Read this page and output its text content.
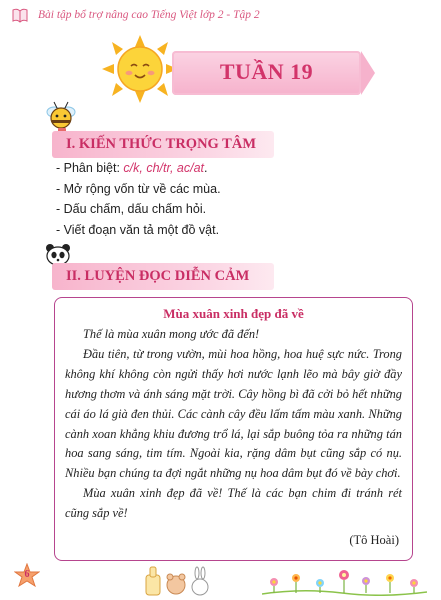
Bài tập bổ trợ nâng cao Tiếng Việt lớp 2 - Tập 2
TUẦN 19
I. KIẾN THỨC TRỌNG TÂM
- Phân biệt: c/k, ch/tr, ac/at.
- Mở rộng vốn từ về các mùa.
- Dấu chấm, dấu chấm hỏi.
- Viết đoạn văn tả một đồ vật.
II. LUYỆN ĐỌC DIỄN CẢM
Mùa xuân xinh đẹp đã về

Thế là mùa xuân mong ước đã đến!

Đầu tiên, từ trong vườn, mùi hoa hồng, hoa huệ sực nức. Trong không khí không còn ngửi thấy hơi nước lạnh lẽo mà bây giờ đầy hương thơm và ánh sáng mặt trời. Cây hồng bì đã cởi bỏ hết những cái áo lá già đen thủi. Các cành cây đều lấm tấm màu xanh. Những cành xoan khẳng khiu đương trổ lá, lại sắp buông tỏa ra những tán hoa sang sáng, tim tím. Ngoài kia, rặng dâm bụt cũng sắp có nụ. Nhiều bạn chúng ta đợi ngắt những nụ hoa dâm bụt đó về bày chơi.

Mùa xuân xinh đẹp đã về! Thế là các bạn chim đi tránh rét cũng sắp về!

(Tô Hoài)
6
